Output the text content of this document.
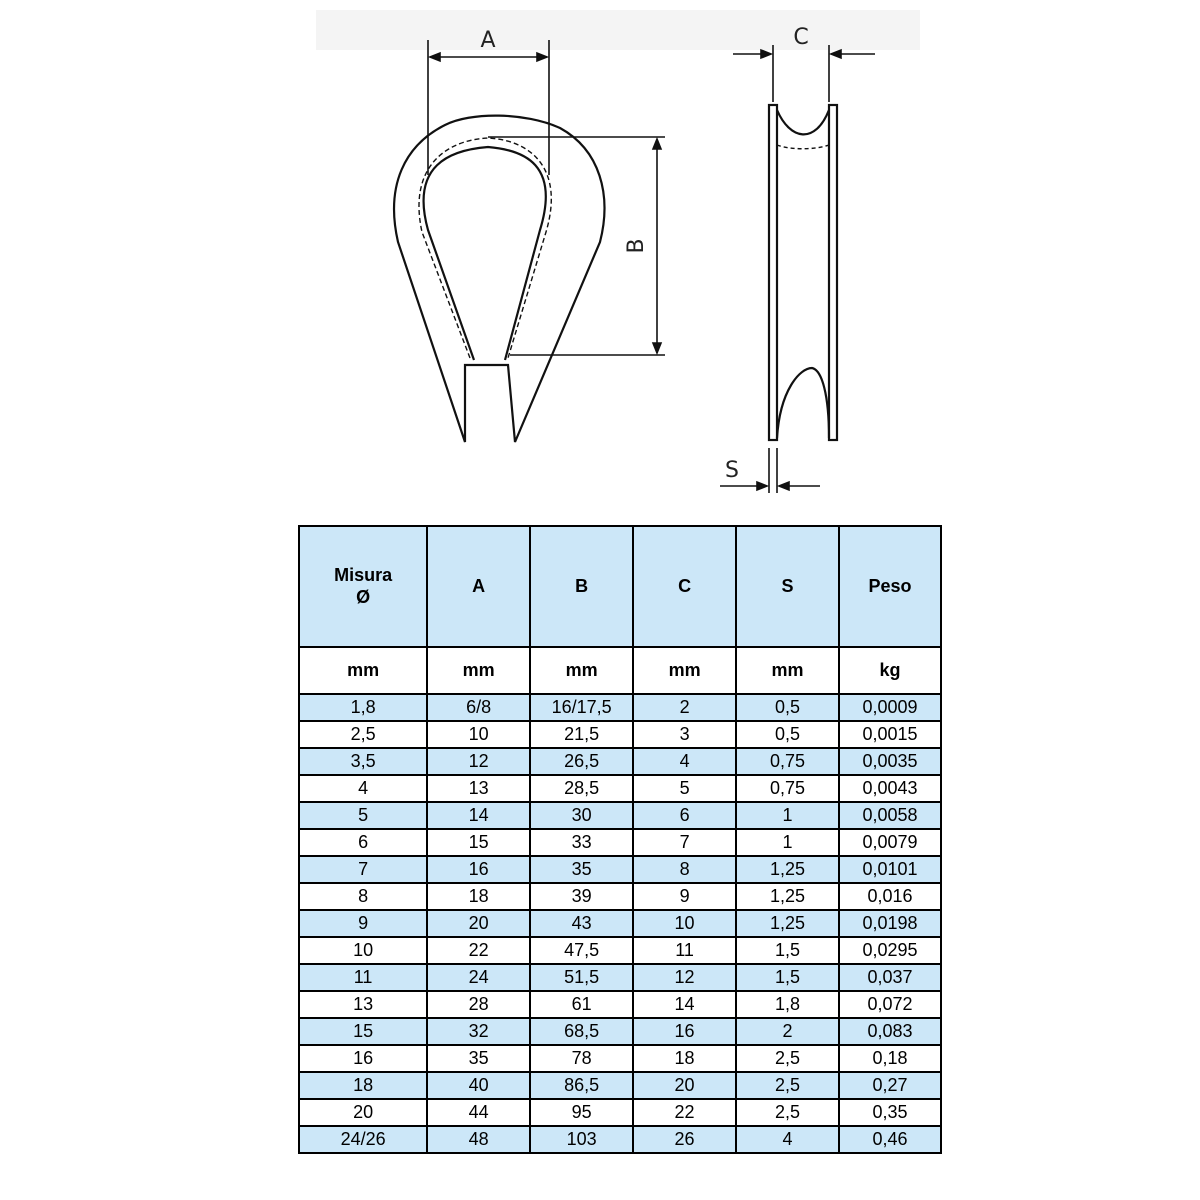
A
B
C
S
Misura
Ø	A	B	C	S	Peso
mm	mm	mm	mm	mm	kg
1,8	6/8	16/17,5	2	0,5	0,0009
2,5	10	21,5	3	0,5	0,0015
3,5	12	26,5	4	0,75	0,0035
4	13	28,5	5	0,75	0,0043
5	14	30	6	1	0,0058
6	15	33	7	1	0,0079
7	16	35	8	1,25	0,0101
8	18	39	9	1,25	0,016
9	20	43	10	1,25	0,0198
10	22	47,5	11	1,5	0,0295
11	24	51,5	12	1,5	0,037
13	28	61	14	1,8	0,072
15	32	68,5	16	2	0,083
16	35	78	18	2,5	0,18
18	40	86,5	20	2,5	0,27
20	44	95	22	2,5	0,35
24/26	48	103	26	4	0,46
